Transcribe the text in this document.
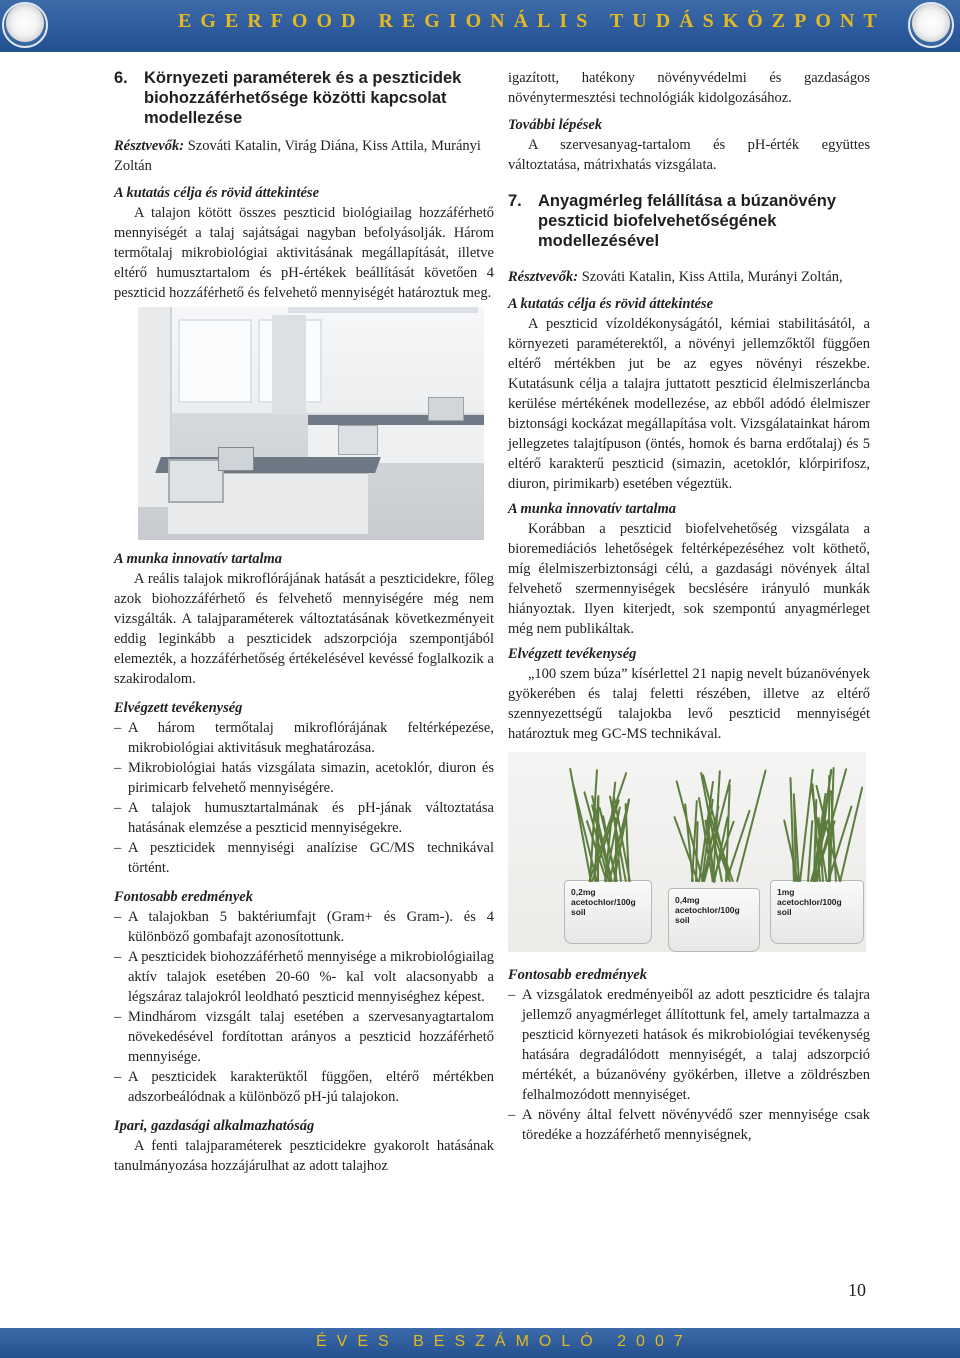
EGERFOOD REGIONÁLIS TUDÁSKÖZPONT
6. Környezeti paraméterek és a peszticidek biohozzáférhetősége közötti kapcsolat modellezése
Résztvevők: Szováti Katalin, Virág Diána, Kiss Attila, Murányi Zoltán
A kutatás célja és rövid áttekintése

A talajon kötött összes peszticid biológiailag hozzáférhető mennyiségét a talaj sajátságai nagyban befolyásolják. Három termőtalaj mikrobiológiai aktivitásának megállapítását, illetve eltérő humusztartalom és pH-értékek beállítását követően 4 peszticid hozzáférhető és felvehető mennyiségét határoztuk meg.

A munka innovatív tartalma

A reális talajok mikroflórájának hatását a peszticidekre, főleg azok biohozzáférhető és felvehető mennyiségére még nem vizsgálták. A talajparaméterek változtatásának következményeit eddig leginkább a peszticidek adszorpciója szempontjából elemezték, a hozzáférhetőség értékelésével kevéssé foglalkozik a szakirodalom.

Elvégzett tevékenység
– A három termőtalaj mikroflórájának feltérképezése, mikrobiológiai aktivitásuk meghatározása.
– Mikrobiológiai hatás vizsgálata simazin, acetoklór, diuron és pirimicarb felvehető mennyiségére.
– A talajok humusztartalmának és pH-jának változtatása hatásának elemzése a peszticid mennyiségekre.
– A peszticidek mennyiségi analízise GC/MS technikával történt.
Fontosabb eredmények
– A talajokban 5 baktériumfajt (Gram+ és Gram-). és 4 különböző gombafajt azonosítottunk.
– A peszticidek biohozzáférhető mennyisége a mikrobiológiailag aktív talajok esetében 20-60 %- kal volt alacsonyabb a légszáraz talajokról leoldható peszticid mennyiséghez képest.
– Mindhárom vizsgált talaj esetében a szervesanyagtartalom növekedésével fordítottan arányos a peszticid hozzáférhető mennyisége.
– A peszticidek karakterüktől függően, eltérő mértékben adszorbeálódnak a különböző pH-jú talajokon.
Ipari, gazdasági alkalmazhatóság

A fenti talajparaméterek peszticidekre gyakorolt hatásának tanulmányozása hozzájárulhat az adott talajhoz

igazított, hatékony növényvédelmi és gazdaságos növénytermesztési technológiák kidolgozásához.

További lépések

A szervesanyag-tartalom és pH-érték együttes változtatása, mátrixhatás vizsgálata.

7. Anyagmérleg felállítása a búzanövény peszticid biofelvehetőségének modellezésével
Résztvevők: Szováti Katalin, Kiss Attila, Murányi Zoltán,
A kutatás célja és rövid áttekintése

A peszticid vízoldékonyságától, kémiai stabilitásától, a környezeti paraméterektől, a növényi jellemzőktől függően eltérő mértékben jut be az egyes növényi részekbe. Kutatásunk célja a talajra juttatott peszticid élelmiszerláncba kerülése mértékének modellezése, az ebből adódó élelmiszer biztonsági kockázat megállapítása volt. Vizsgálatainkat három jellegzetes talajtípuson (öntés, homok és barna erdőtalaj) és 5 eltérő karakterű peszticid (simazin, acetoklór, klórpirifosz, diuron, pirimikarb) esetében végeztük.

A munka innovatív tartalma

Korábban a peszticid biofelvehetőség vizsgálata a bioremediációs lehetőségek feltérképezéséhez volt köthető, míg élelmiszerbiztonsági célú, a gazdasági növények által felvehető szermennyiségek becslésére irányuló munkák hiányoztak. Ilyen kiterjedt, sok szempontú anyagmérleget még nem publikáltak.

Elvégzett tevékenység

„100 szem búza” kísérlettel 21 napig nevelt búzanövények gyökerében és talaj feletti részében, illetve az eltérő szennyezettségű talajokba levő peszticid mennyiségét határoztuk meg GC-MS technikával.

0,2mg
acetochlor/100g
soil
0,4mg
acetochlor/100g
soil
1mg
acetochlor/100g
soil
Fontosabb eredmények
– A vizsgálatok eredményeiből az adott peszticidre és talajra jellemző anyagmérleget állítottunk fel, amely tartalmazza a peszticid környezeti hatások és mikrobiológiai tevékenység hatására degradálódott mennyiségét, a talaj adszorpció mértékét, a búzanövény gyökérben, illetve a zöldrészben felhalmozódott mennyiséget.
– A növény által felvett növényvédő szer mennyisége csak töredéke a hozzáférhető mennyiségnek,
10
ÉVES BESZÁMOLÓ 2007
